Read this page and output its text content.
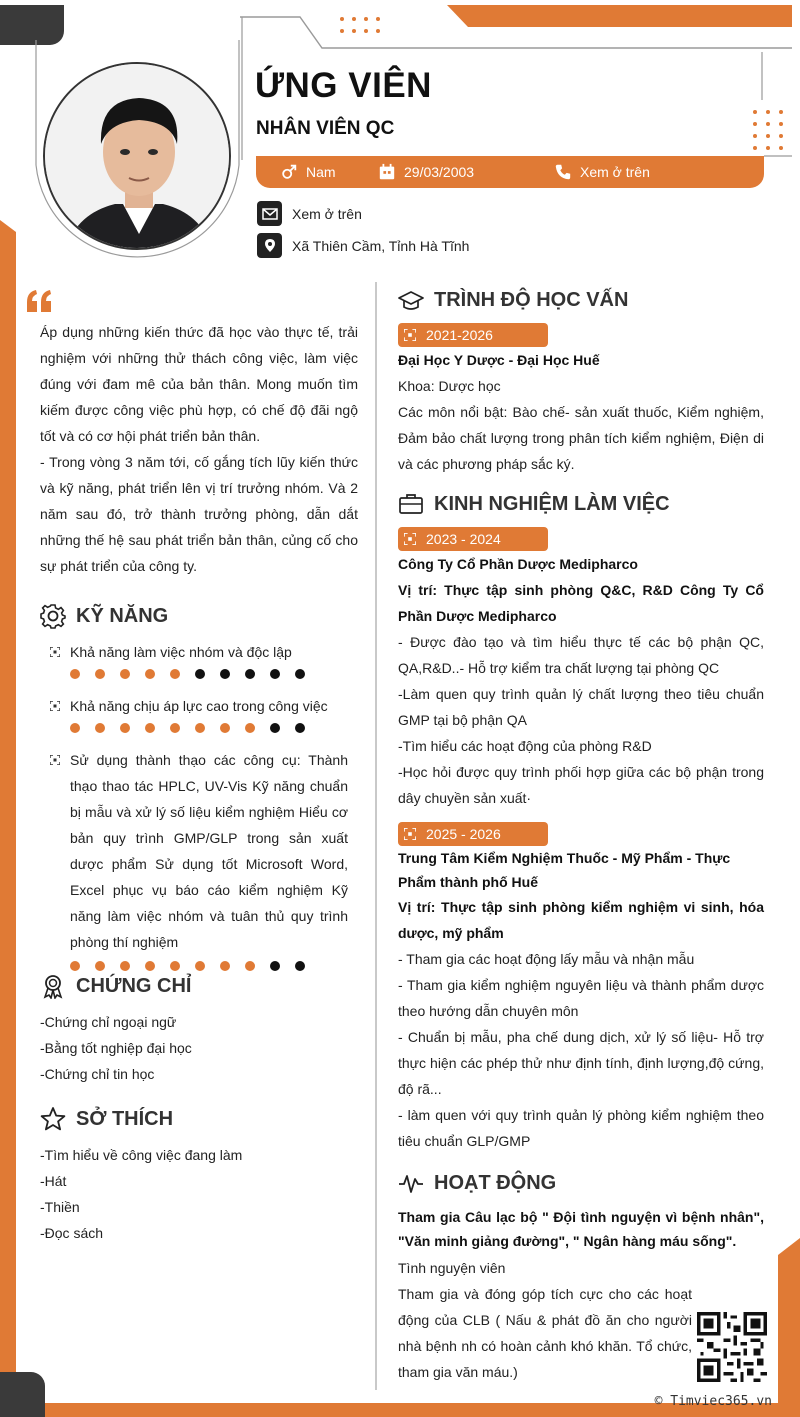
ỨNG VIÊN
NHÂN VIÊN QC
Nam	29/03/2003	Xem ở trên
Xem ở trên
Xã Thiên Cầm, Tỉnh Hà Tĩnh

Áp dụng những kiến thức đã học vào thực tế, trải nghiệm với những thử thách công việc, làm việc đúng với đam mê của bản thân. Mong muốn tìm kiếm được công việc phù hợp, có chế độ đãi ngộ tốt và có cơ hội phát triển bản thân.

- Trong vòng 3 năm tới, cố gắng tích lũy kiến thức và kỹ năng, phát triển lên vị trí trưởng nhóm. Và 2 năm sau đó, trở thành trưởng phòng, dẫn dắt những thế hệ sau phát triển bản thân, củng cố cho sự phát triển của công ty.

KỸ NĂNG
Khả năng làm việc nhóm và độc lập
Khả năng chịu áp lực cao trong công việc
Sử dụng thành thạo các công cụ: Thành thạo thao tác HPLC, UV-Vis Kỹ năng chuẩn bị mẫu và xử lý số liệu kiểm nghiệm Hiểu cơ bản quy trình GMP/GLP trong sản xuất dược phẩm Sử dụng tốt Microsoft Word, Excel phục vụ báo cáo kiểm nghiệm Kỹ năng làm việc nhóm và tuân thủ quy trình phòng thí nghiệm
CHỨNG CHỈ
-Chứng chỉ ngoại ngữ
-Bằng tốt nghiệp đại học
-Chứng chỉ tin học
SỞ THÍCH
-Tìm hiểu về công việc đang làm
-Hát
-Thiền
-Đọc sách
TRÌNH ĐỘ HỌC VẤN
2021-2026
Đại Học Y Dược - Đại Học Huế
Khoa: Dược học
Các môn nổi bật: Bào chế- sản xuất thuốc, Kiểm nghiệm, Đảm bảo chất lượng trong phân tích kiểm nghiệm, Điện di và các phương pháp sắc ký.
KINH NGHIỆM LÀM VIỆC
2023 - 2024
Công Ty Cổ Phần Dược Medipharco
Vị trí: Thực tập sinh phòng Q&C, R&D Công Ty Cổ Phần Dược Medipharco
- Được đào tạo và tìm hiểu thực tế các bộ phận QC, QA,R&D..- Hỗ trợ kiểm tra chất lượng tại phòng QC
-Làm quen quy trình quản lý chất lượng theo tiêu chuẩn GMP tại bộ phận QA
-Tìm hiểu các hoạt động của phòng R&D
-Học hỏi được quy trình phối hợp giữa các bộ phận trong dây chuyền sản xuất·
2025 - 2026
Trung Tâm Kiểm Nghiệm Thuốc - Mỹ Phẩm - Thực Phẩm thành phố Huế
Vị trí: Thực tập sinh phòng kiểm nghiệm vi sinh, hóa dược, mỹ phẩm
- Tham gia các hoạt động lấy mẫu và nhận mẫu
- Tham gia kiểm nghiệm nguyên liệu và thành phẩm dược theo hướng dẫn chuyên môn
- Chuẩn bị mẫu, pha chế dung dịch, xử lý số liệu- Hỗ trợ thực hiện các phép thử như định tính, định lượng,độ cứng, độ rã...
- làm quen với quy trình quản lý phòng kiểm nghiệm theo tiêu chuẩn GLP/GMP
HOẠT ĐỘNG
Tham gia Câu lạc bộ " Đội tình nguyện vì bệnh nhân", "Văn minh giảng đường", " Ngân hàng máu sống".
Tình nguyện viên
Tham gia và đóng góp tích cực cho các hoạt động của CLB ( Nấu & phát đồ ăn cho người nhà bệnh nh có hoàn cảnh khó khăn. Tổ chức, tham gia văn máu.)
© Timviec365.vn
